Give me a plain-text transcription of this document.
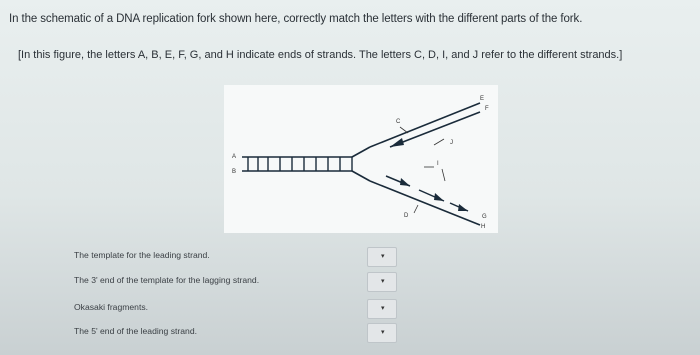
In the schematic of a DNA replication fork shown here, correctly match the letters with the different parts of the fork.
[In this figure, the letters A, B, E, F, G, and H indicate ends of strands. The letters C, D, I, and J refer to the different strands.]
A
B
C
D
E
F
G
H
I
J
The template for the leading strand.	▾
The 3' end of the template for the lagging strand.	▾
Okasaki fragments.	▾
The 5' end of the leading strand.	▾
